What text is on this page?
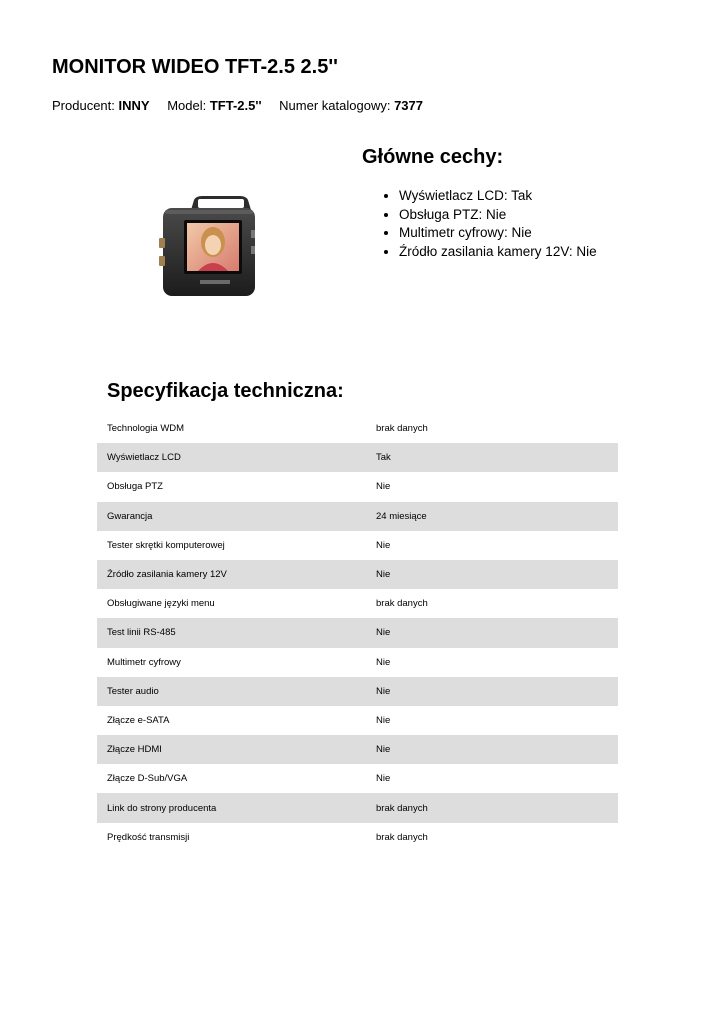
MONITOR WIDEO TFT-2.5 2.5''
Producent: INNY Model: TFT-2.5'' Numer katalogowy: 7377
Główne cechy:
• Wyświetlacz LCD: Tak
• Obsługa PTZ: Nie
• Multimetr cyfrowy: Nie
• Źródło zasilania kamery 12V: Nie
Specyfikacja techniczna:
Technologia WDM	brak danych
Wyświetlacz LCD	Tak
Obsługa PTZ	Nie
Gwarancja	24 miesiące
Tester skrętki komputerowej	Nie
Źródło zasilania kamery 12V	Nie
Obsługiwane języki menu	brak danych
Test linii RS-485	Nie
Multimetr cyfrowy	Nie
Tester audio	Nie
Złącze e-SATA	Nie
Złącze HDMI	Nie
Złącze D-Sub/VGA	Nie
Link do strony producenta	brak danych
Prędkość transmisji	brak danych
